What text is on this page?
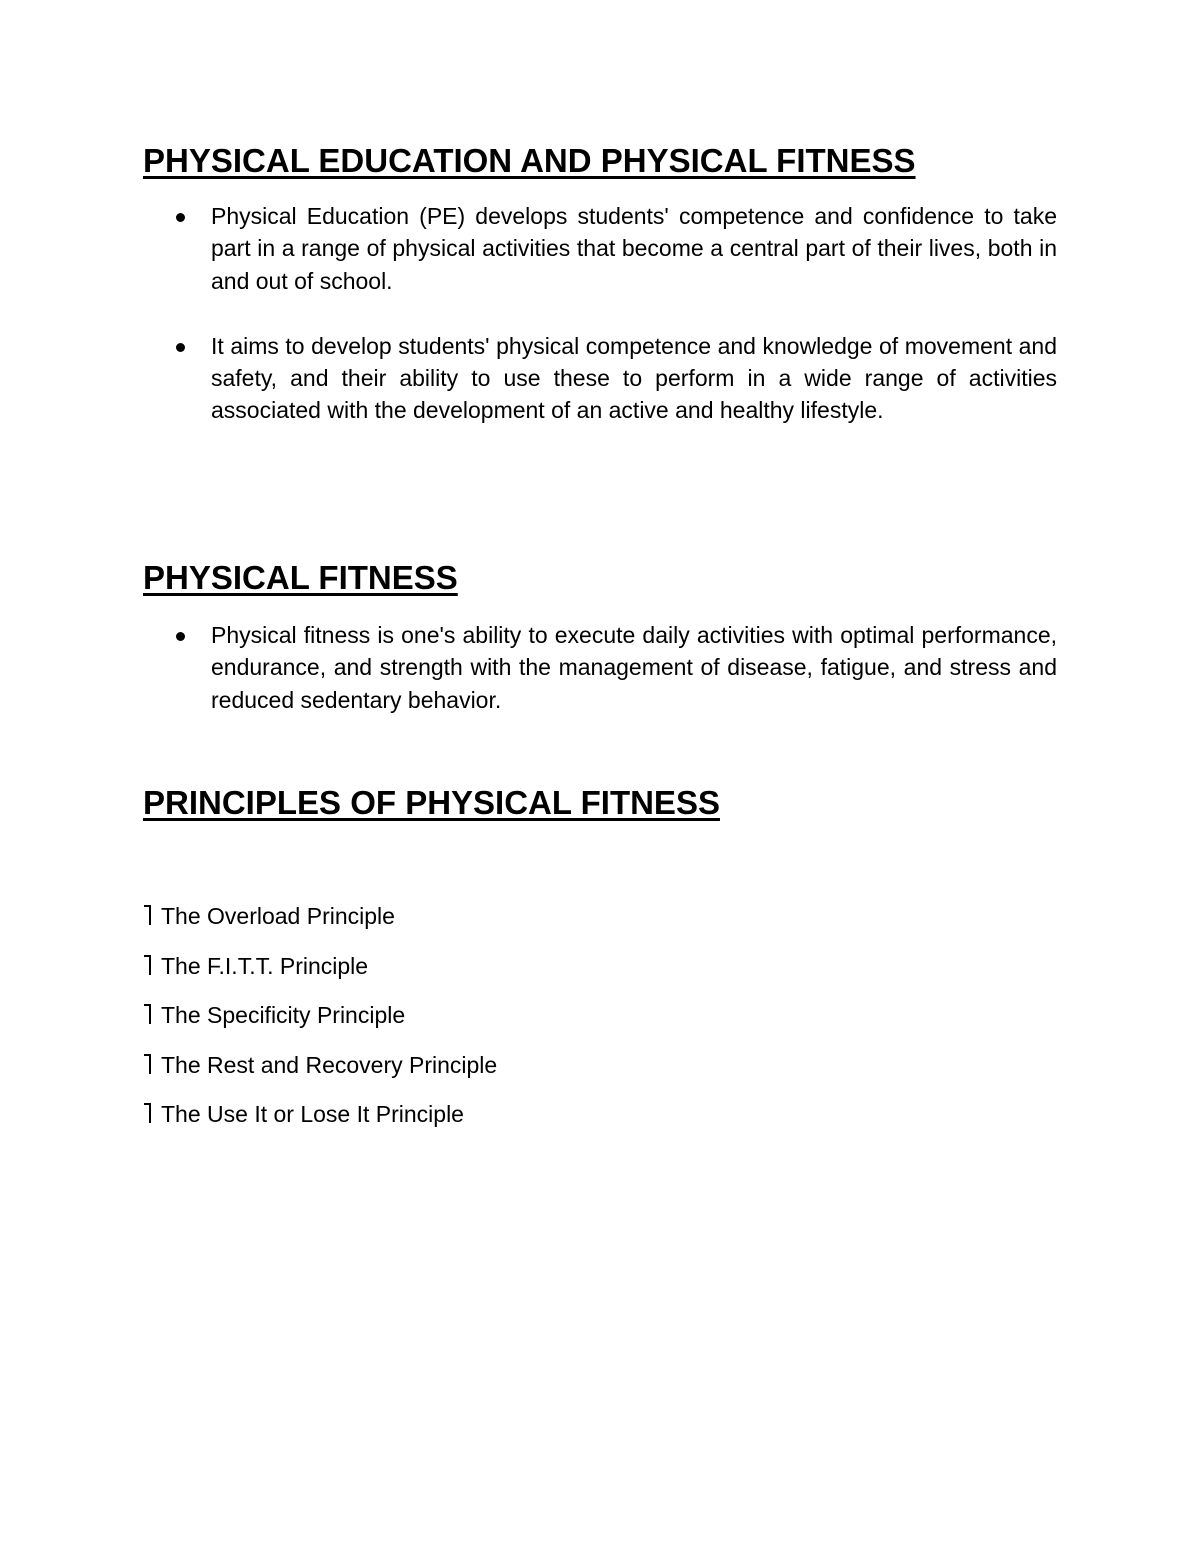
PHYSICAL EDUCATION AND PHYSICAL FITNESS
Physical Education (PE) develops students' competence and confidence to take part in a range of physical activities that become a central part of their lives, both in and out of school.
It aims to develop students' physical competence and knowledge of movement and safety, and their ability to use these to perform in a wide range of activities associated with the development of an active and healthy lifestyle.
PHYSICAL FITNESS
Physical fitness is one's ability to execute daily activities with optimal performance, endurance, and strength with the management of disease, fatigue, and stress and reduced sedentary behavior.
PRINCIPLES OF PHYSICAL FITNESS
The Overload Principle
The F.I.T.T. Principle
The Specificity Principle
The Rest and Recovery Principle
The Use It or Lose It Principle
